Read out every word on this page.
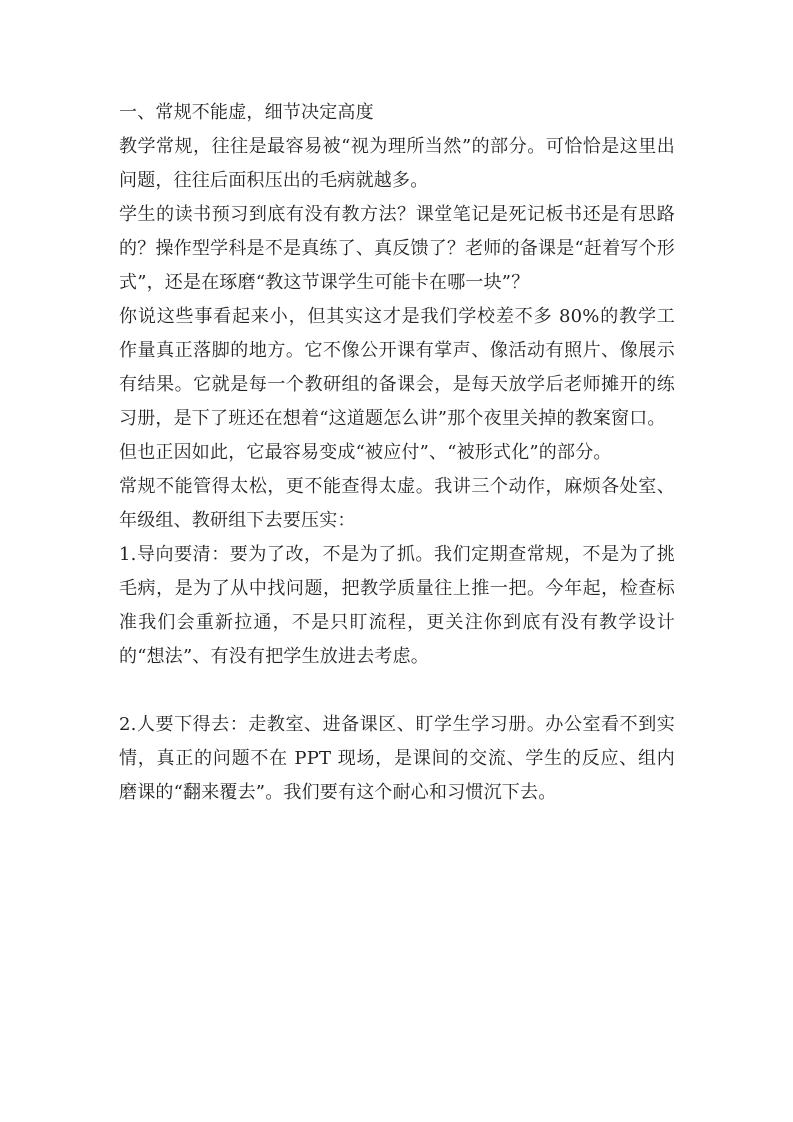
一、常规不能虚，细节决定高度

教学常规，往往是最容易被“视为理所当然”的部分。可恰恰是这里出问题，往往后面积压出的毛病就越多。

学生的读书预习到底有没有教方法？课堂笔记是死记板书还是有思路的？操作型学科是不是真练了、真反馈了？老师的备课是“赶着写个形式”，还是在琢磨“教这节课学生可能卡在哪一块”？

你说这些事看起来小，但其实这才是我们学校差不多 80%的教学工作量真正落脚的地方。它不像公开课有掌声、像活动有照片、像展示有结果。它就是每一个教研组的备课会，是每天放学后老师摊开的练习册，是下了班还在想着“这道题怎么讲”那个夜里关掉的教案窗口。

但也正因如此，它最容易变成“被应付”、“被形式化”的部分。

常规不能管得太松，更不能查得太虚。我讲三个动作，麻烦各处室、年级组、教研组下去要压实：

1.导向要清：要为了改，不是为了抓。我们定期查常规，不是为了挑毛病，是为了从中找问题，把教学质量往上推一把。今年起，检查标准我们会重新拉通，不是只盯流程，更关注你到底有没有教学设计的“想法”、有没有把学生放进去考虑。

2.人要下得去：走教室、进备课区、盯学生学习册。办公室看不到实情，真正的问题不在 PPT 现场，是课间的交流、学生的反应、组内磨课的“翻来覆去”。我们要有这个耐心和习惯沉下去。
